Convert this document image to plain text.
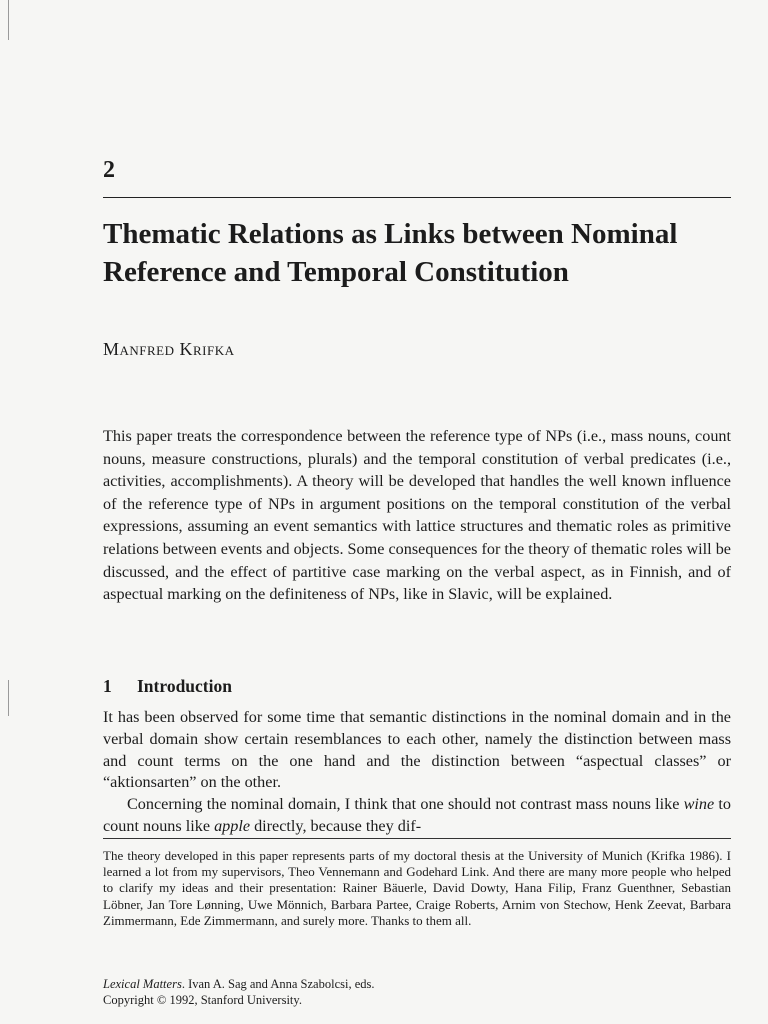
2
Thematic Relations as Links between Nominal Reference and Temporal Constitution
Manfred Krifka

This paper treats the correspondence between the reference type of NPs (i.e., mass nouns, count nouns, measure constructions, plurals) and the temporal constitution of verbal predicates (i.e., activities, accomplishments). A theory will be developed that handles the well known influence of the reference type of NPs in argument positions on the temporal constitution of the verbal expressions, assuming an event semantics with lattice structures and thematic roles as primitive relations between events and objects. Some consequences for the theory of thematic roles will be discussed, and the effect of partitive case marking on the verbal aspect, as in Finnish, and of aspectual marking on the definiteness of NPs, like in Slavic, will be explained.

1 Introduction

It has been observed for some time that semantic distinctions in the nominal domain and in the verbal domain show certain resemblances to each other, namely the distinction between mass and count terms on the one hand and the distinction between “aspectual classes” or “aktionsarten” on the other.

Concerning the nominal domain, I think that one should not contrast mass nouns like wine to count nouns like apple directly, because they dif-

The theory developed in this paper represents parts of my doctoral thesis at the University of Munich (Krifka 1986). I learned a lot from my supervisors, Theo Vennemann and Godehard Link. And there are many more people who helped to clarify my ideas and their presentation: Rainer Bäuerle, David Dowty, Hana Filip, Franz Guenthner, Sebastian Löbner, Jan Tore Lønning, Uwe Mönnich, Barbara Partee, Craige Roberts, Arnim von Stechow, Henk Zeevat, Barbara Zimmermann, Ede Zimmermann, and surely more. Thanks to them all.

Lexical Matters. Ivan A. Sag and Anna Szabolcsi, eds.
Copyright © 1992, Stanford University.
